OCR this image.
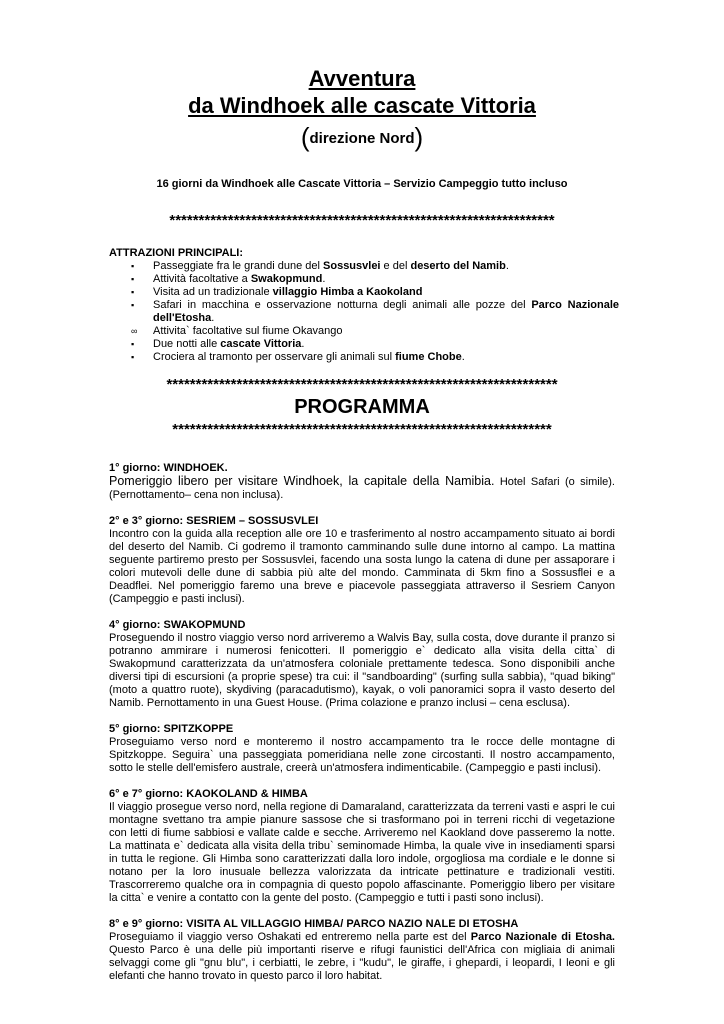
Avventura
da Windhoek alle cascate Vittoria
(direzione Nord)
16 giorni da Windhoek alle Cascate Vittoria – Servizio Campeggio tutto incluso
******************************************************************
ATTRAZIONI PRINCIPALI:
▪ Passeggiate fra le grandi dune del Sossusvlei e del deserto del Namib.
▪ Attività facoltative a Swakopmund.
▪ Visita ad un tradizionale villaggio Himba a Kaokoland
▪ Safari in macchina e osservazione notturna degli animali alle pozze del Parco Nazionale dell'Etosha.
∞ Attivita` facoltative sul fiume Okavango
▪ Due notti alle cascate Vittoria.
▪ Crociera al tramonto per osservare gli animali sul fiume Chobe.
*******************************************************************
PROGRAMMA
*****************************************************************
1° giorno: WINDHOEK.

Pomeriggio libero per visitare Windhoek, la capitale della Namibia. Hotel Safari (o simile). (Pernottamento– cena non inclusa).

2° e 3° giorno: SESRIEM – SOSSUSVLEI

Incontro con la guida alla reception alle ore 10 e trasferimento al nostro accampamento situato ai bordi del deserto del Namib. Ci godremo il tramonto camminando sulle dune intorno al campo. La mattina seguente partiremo presto per Sossusvlei, facendo una sosta lungo la catena di dune per assaporare i colori mutevoli delle dune di sabbia più alte del mondo. Camminata di 5km fino a Sossusflei e a Deadflei. Nel pomeriggio faremo una breve e piacevole passeggiata attraverso il Sesriem Canyon (Campeggio e pasti inclusi).

4° giorno: SWAKOPMUND

Proseguendo il nostro viaggio verso nord arriveremo a Walvis Bay, sulla costa, dove durante il pranzo si potranno ammirare i numerosi fenicotteri. Il pomeriggio e` dedicato alla visita della citta` di Swakopmund caratterizzata da un'atmosfera coloniale prettamente tedesca. Sono disponibili anche diversi tipi di escursioni (a proprie spese) tra cui: il "sandboarding" (surfing sulla sabbia), "quad biking" (moto a quattro ruote), skydiving (paracadutismo), kayak, o voli panoramici sopra il vasto deserto del Namib. Pernottamento in una Guest House. (Prima colazione e pranzo inclusi – cena esclusa).

5° giorno: SPITZKOPPE

Proseguiamo verso nord e monteremo il nostro accampamento tra le rocce delle montagne di Spitzkoppe. Seguira` una passeggiata pomeridiana nelle zone circostanti. Il nostro accampamento, sotto le stelle dell'emisfero australe, creerà un'atmosfera indimenticabile. (Campeggio e pasti inclusi).

6° e 7° giorno: KAOKOLAND & HIMBA

Il viaggio prosegue verso nord, nella regione di Damaraland, caratterizzata da terreni vasti e aspri le cui montagne svettano tra ampie pianure sassose che si trasformano poi in terreni ricchi di vegetazione con letti di fiume sabbiosi e vallate calde e secche. Arriveremo nel Kaokland dove passeremo la notte. La mattinata e` dedicata alla visita della tribu` seminomade Himba, la quale vive in insediamenti sparsi in tutta le regione. Gli Himba sono caratterizzati dalla loro indole, orgogliosa ma cordiale e le donne si notano per la loro inusuale bellezza valorizzata da intricate pettinature e tradizionali vestiti. Trascorreremo qualche ora in compagnia di questo popolo affascinante. Pomeriggio libero per visitare la citta` e venire a contatto con la gente del posto. (Campeggio e tutti i pasti sono inclusi).

8° e 9° giorno: VISITA AL VILLAGGIO HIMBA/ PARCO NAZIO NALE DI ETOSHA

Proseguiamo il viaggio verso Oshakati ed entreremo nella parte est del Parco Nazionale di Etosha. Questo Parco è una delle più importanti riserve e rifugi faunistici dell'Africa con migliaia di animali selvaggi come gli "gnu blu", i cerbiatti, le zebre, i "kudu", le giraffe, i ghepardi, i leopardi, I leoni e gli elefanti che hanno trovato in questo parco il loro habitat.
